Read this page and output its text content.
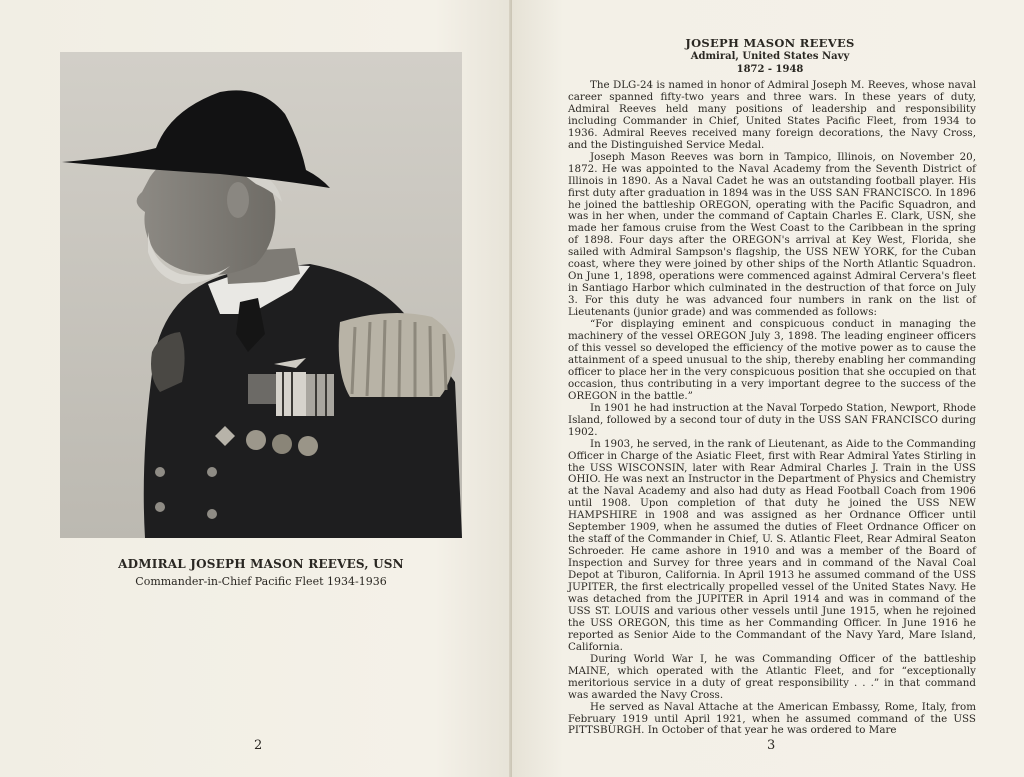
ADMIRAL JOSEPH MASON REEVES, USN
Commander-in-Chief Pacific Fleet 1934-1936
2
JOSEPH MASON REEVES
Admiral, United States Navy
1872 - 1948

The DLG-24 is named in honor of Admiral Joseph M. Reeves, whose naval career spanned fifty-two years and three wars. In these years of duty, Admiral Reeves held many positions of leadership and responsibility including Commander in Chief, United States Pacific Fleet, from 1934 to 1936. Admiral Reeves received many foreign decorations, the Navy Cross, and the Distinguished Service Medal.

Joseph Mason Reeves was born in Tampico, Illinois, on November 20, 1872. He was appointed to the Naval Academy from the Seventh District of Illinois in 1890. As a Naval Cadet he was an outstanding football player. His first duty after graduation in 1894 was in the USS SAN FRANCISCO. In 1896 he joined the battleship OREGON, operating with the Pacific Squadron, and was in her when, under the command of Captain Charles E. Clark, USN, she made her famous cruise from the West Coast to the Caribbean in the spring of 1898. Four days after the OREGON's arrival at Key West, Florida, she sailed with Admiral Sampson's flagship, the USS NEW YORK, for the Cuban coast, where they were joined by other ships of the North Atlantic Squadron. On June 1, 1898, operations were commenced against Admiral Cervera's fleet in Santiago Harbor which culminated in the destruction of that force on July 3. For this duty he was advanced four numbers in rank on the list of Lieutenants (junior grade) and was commended as follows:

“For displaying eminent and conspicuous conduct in managing the machinery of the vessel OREGON July 3, 1898. The leading engineer officers of this vessel so developed the efficiency of the motive power as to cause the attainment of a speed unusual to the ship, thereby enabling her commanding officer to place her in the very conspicuous position that she occupied on that occasion, thus contributing in a very important degree to the success of the OREGON in the battle.”

In 1901 he had instruction at the Naval Torpedo Station, Newport, Rhode Island, followed by a second tour of duty in the USS SAN FRANCISCO during 1902.

In 1903, he served, in the rank of Lieutenant, as Aide to the Commanding Officer in Charge of the Asiatic Fleet, first with Rear Admiral Yates Stirling in the USS WISCONSIN, later with Rear Admiral Charles J. Train in the USS OHIO. He was next an Instructor in the Department of Physics and Chemistry at the Naval Academy and also had duty as Head Football Coach from 1906 until 1908. Upon completion of that duty he joined the USS NEW HAMPSHIRE in 1908 and was assigned as her Ordnance Officer until September 1909, when he assumed the duties of Fleet Ordnance Officer on the staff of the Commander in Chief, U. S. Atlantic Fleet, Rear Admiral Seaton Schroeder. He came ashore in 1910 and was a member of the Board of Inspection and Survey for three years and in command of the Naval Coal Depot at Tiburon, California. In April 1913 he assumed command of the USS JUPITER, the first electrically propelled vessel of the United States Navy. He was detached from the JUPITER in April 1914 and was in command of the USS ST. LOUIS and various other vessels until June 1915, when he rejoined the USS OREGON, this time as her Commanding Officer. In June 1916 he reported as Senior Aide to the Commandant of the Navy Yard, Mare Island, California.

During World War I, he was Commanding Officer of the battleship MAINE, which operated with the Atlantic Fleet, and for “exceptionally meritorious service in a duty of great responsibility . . .” in that command was awarded the Navy Cross.

He served as Naval Attache at the American Embassy, Rome, Italy, from February 1919 until April 1921, when he assumed command of the USS PITTSBURGH. In October of that year he was ordered to Mare

3
